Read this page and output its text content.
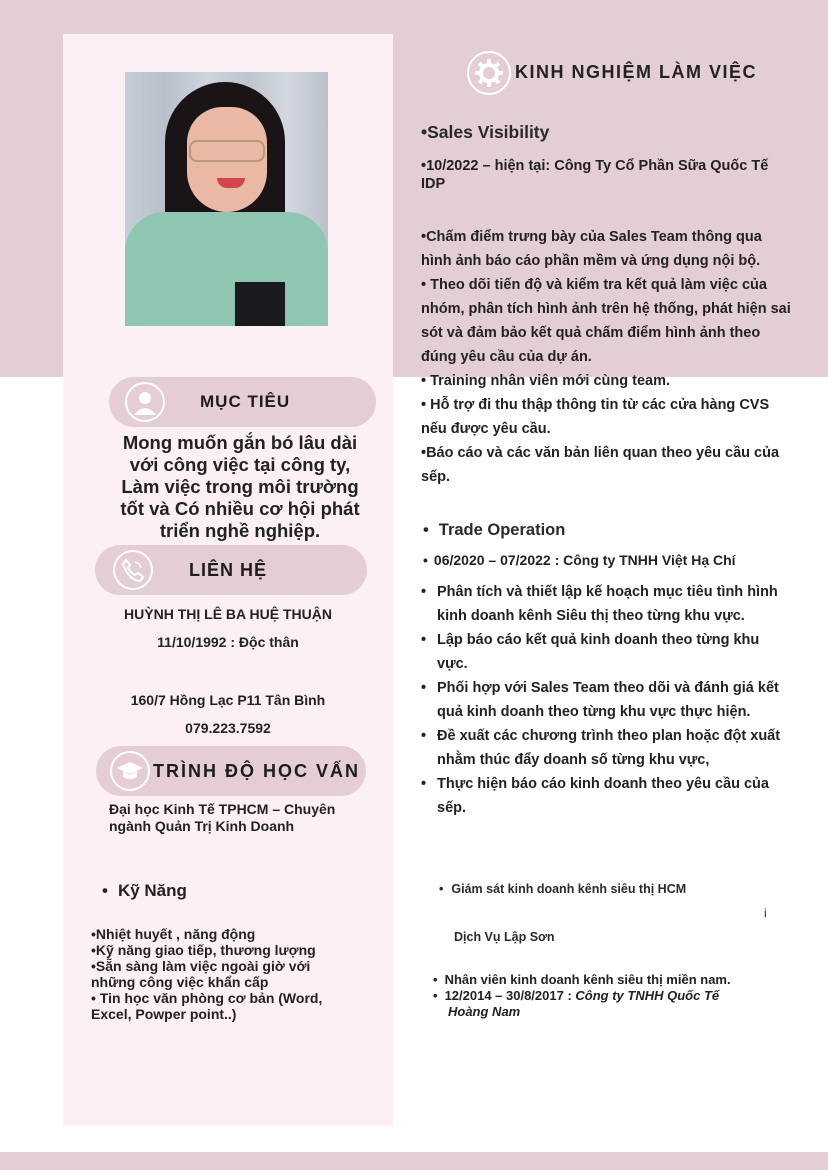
MỤC TIÊU
Mong muốn gắn bó lâu dài
với công việc tại công ty,
Làm việc trong môi trường
tốt và Có nhiều cơ hội phát
triển nghề nghiệp.
LIÊN HỆ
HUỲNH THỊ LÊ BA HUỆ THUẬN
11/10/1992 : Độc thân
160/7 Hồng Lạc P11 Tân Bình
079.223.7592
TRÌNH ĐỘ HỌC VẤN
Đại học Kinh Tế TPHCM – Chuyên
ngành Quản Trị Kinh Doanh
• Kỹ Năng
•Nhiệt huyết , năng động
•Kỹ năng giao tiếp, thương lượng
•Sẵn sàng làm việc ngoài giờ với
những công việc khẩn cấp
• Tin học văn phòng cơ bản (Word,
Excel, Powper point..)
KINH NGHIỆM LÀM VIỆC
•Sales Visibility
•10/2022 – hiện tại: Công Ty Cổ Phần Sữa Quốc Tế
IDP
•Chấm điểm trưng bày của Sales Team thông qua
hình ảnh báo cáo phần mềm và ứng dụng nội bộ.
• Theo dõi tiến độ và kiểm tra kết quả làm việc của
nhóm, phân tích hình ảnh trên hệ thống, phát hiện sai
sót và đảm bảo kết quả chấm điểm hình ảnh theo
đúng yêu cầu của dự án.
• Training nhân viên mới cùng team.
• Hỗ trợ đi thu thập thông tin từ các cửa hàng CVS
nếu được yêu cầu.
•Báo cáo và các văn bản liên quan theo yêu cầu của
sếp.
• Trade Operation
• 06/2020 – 07/2022 : Công ty TNHH Việt Hạ Chí
• Phân tích và thiết lập kế hoạch mục tiêu tình hình
kinh doanh kênh Siêu thị theo từng khu vực.
• Lập báo cáo kết quả kinh doanh theo từng khu
vực.
• Phối hợp với Sales Team theo dõi và đánh giá kết
quả kinh doanh theo từng khu vực thực hiện.
• Đề xuất các chương trình theo plan hoặc đột xuất
nhằm thúc đẩy doanh số từng khu vực,
• Thực hiện báo cáo kinh doanh theo yêu cầu của
sếp.
• Giám sát kinh doanh kênh siêu thị HCM
i
Dịch Vụ Lập Sơn
• Nhân viên kinh doanh kênh siêu thị miền nam.
• 12/2014 – 30/8/2017 : Công ty TNHH Quốc Tế
Hoàng Nam
